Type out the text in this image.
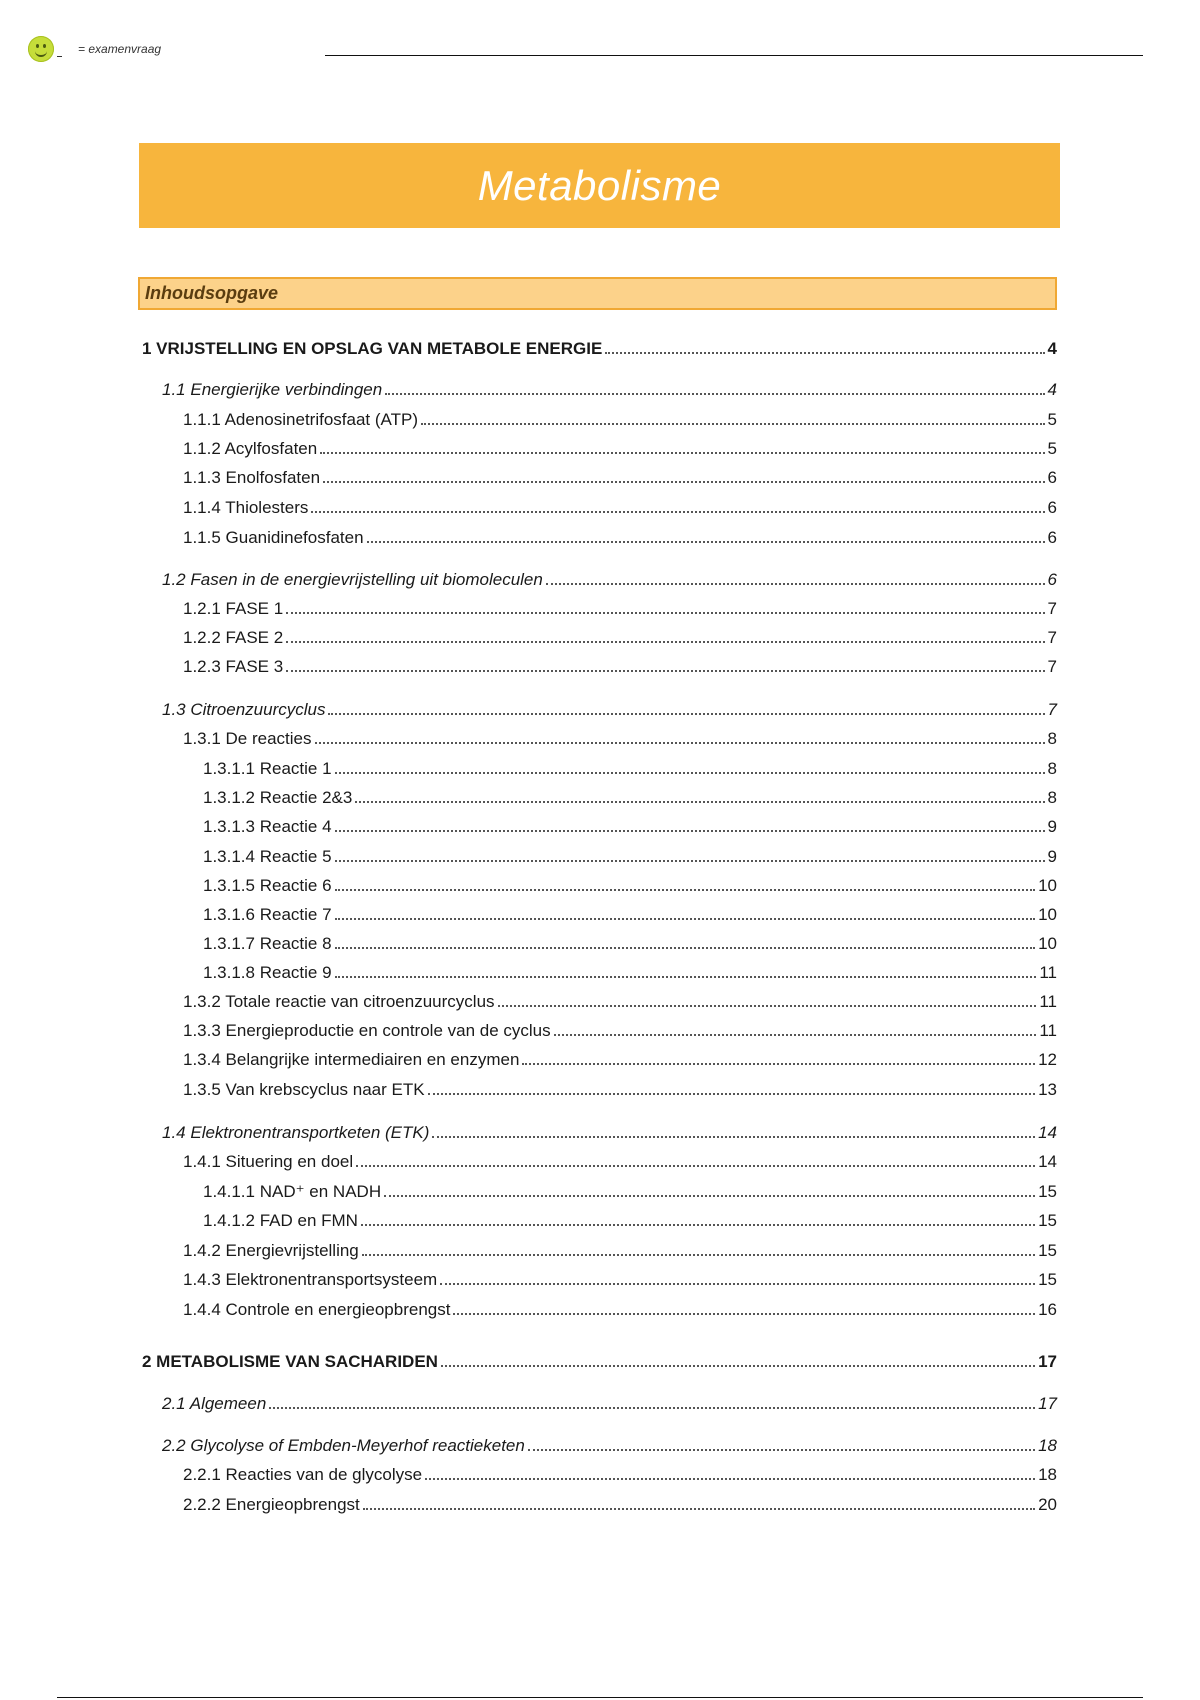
= examenvraag
Metabolisme
Inhoudsopgave
1 VRIJSTELLING EN OPSLAG VAN METABOLE ENERGIE	4
1.1 Energierijke verbindingen	4
1.1.1 Adenosinetrifosfaat (ATP)	5
1.1.2 Acylfosfaten	5
1.1.3 Enolfosfaten	6
1.1.4 Thiolesters	6
1.1.5 Guanidinefosfaten	6
1.2 Fasen in de energievrijstelling uit biomoleculen	6
1.2.1 FASE 1	7
1.2.2 FASE 2	7
1.2.3 FASE 3	7
1.3 Citroenzuurcyclus	7
1.3.1 De reacties	8
1.3.1.1 Reactie 1	8
1.3.1.2 Reactie 2&3	8
1.3.1.3 Reactie 4	9
1.3.1.4 Reactie 5	9
1.3.1.5 Reactie 6	10
1.3.1.6 Reactie 7	10
1.3.1.7 Reactie 8	10
1.3.1.8 Reactie 9	11
1.3.2 Totale reactie van citroenzuurcyclus	11
1.3.3 Energieproductie en controle van de cyclus	11
1.3.4 Belangrijke intermediairen en enzymen	12
1.3.5 Van krebscyclus naar ETK	13
1.4 Elektronentransportketen (ETK)	14
1.4.1 Situering en doel	14
1.4.1.1 NAD⁺ en NADH	15
1.4.1.2 FAD en FMN	15
1.4.2 Energievrijstelling	15
1.4.3 Elektronentransportsysteem	15
1.4.4 Controle en energieopbrengst	16
2 METABOLISME VAN SACHARIDEN	17
2.1 Algemeen	17
2.2 Glycolyse of Embden-Meyerhof reactieketen	18
2.2.1 Reacties van de glycolyse	18
2.2.2 Energieopbrengst	20
